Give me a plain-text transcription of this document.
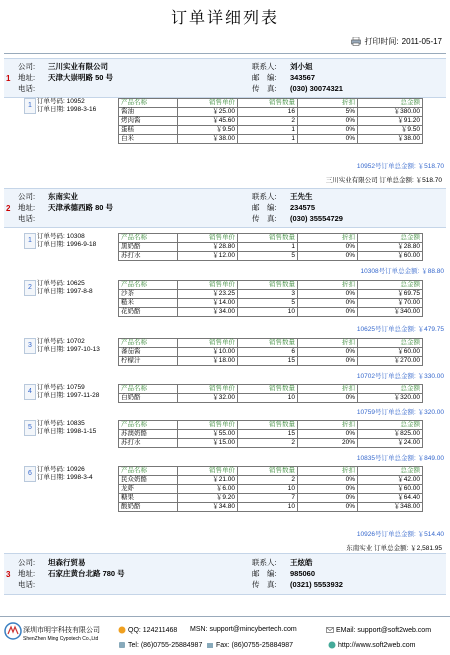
订单详细列表
打印时间: 2011-05-17
1
公司: 三川实业有限公司
地址: 天津大崇明路 50 号
电话:
联系人: 刘小姐
邮　编: 343567
传　真: (030) 30074321
1
订单号码: 10952
订单日期: 1998-3-16
产品名称	销售单价	销售数量	折扣	总金额
酱油	￥25.00	16	5%	￥380.00
烤肉酱	￥45.60	2	0%	￥91.20
蛋糕	￥9.50	1	0%	￥9.50
白米	￥38.00	1	0%	￥38.00
10952号订单总金额: ￥518.70
三川实业有限公司 订单总金额: ￥518.70
2
公司: 东南实业
地址: 天津承德西路 80 号
电话:
联系人: 王先生
邮　编: 234575
传　真: (030) 35554729
1
订单号码: 10308
订单日期: 1996-9-18
产品名称	销售单价	销售数量	折扣	总金额
黑奶酪	￥28.80	1	0%	￥28.80
苏打水	￥12.00	5	0%	￥60.00
10308号订单总金额: ￥88.80
2
订单号码: 10625
订单日期: 1997-8-8
产品名称	销售单价	销售数量	折扣	总金额
沙茶	￥23.25	3	0%	￥69.75
糙米	￥14.00	5	0%	￥70.00
花奶酪	￥34.00	10	0%	￥340.00
10625号订单总金额: ￥479.75
3
订单号码: 10702
订单日期: 1997-10-13
产品名称	销售单价	销售数量	折扣	总金额
蕃茄酱	￥10.00	6	0%	￥60.00
柠檬汁	￥18.00	15	0%	￥270.00
10702号订单总金额: ￥330.00
4
订单号码: 10759
订单日期: 1997-11-28
产品名称	销售单价	销售数量	折扣	总金额
白奶酪	￥32.00	10	0%	￥320.00
10759号订单总金额: ￥320.00
5
订单号码: 10835
订单日期: 1998-1-15
产品名称	销售单价	销售数量	折扣	总金额
苏澳奶酪	￥55.00	15	0%	￥825.00
苏打水	￥15.00	2	20%	￥24.00
10835号订单总金额: ￥849.00
6
订单号码: 10926
订单日期: 1998-3-4
产品名称	销售单价	销售数量	折扣	总金额
民众奶酪	￥21.00	2	0%	￥42.00
龙虾	￥6.00	10	0%	￥60.00
糖果	￥9.20	7	0%	￥64.40
酸奶酪	￥34.80	10	0%	￥348.00
10926号订单总金额: ￥514.40
东南实业 订单总金额: ￥2,581.95
3
公司: 坦森行贸易
地址: 石家庄黄台北路 780 号
电话:
联系人: 王炫皓
邮　编: 985060
传　真: (0321) 5553932
深圳市明宇科技有限公司
ShenZhen Ming Cypotech Co.,Ltd
QQ: 124211468 MSN: support@mincybertech.com	EMail: support@soft2web.com
Tel: (86)0755-25884987 Fax: (86)0755-25884987	http://www.soft2web.com
